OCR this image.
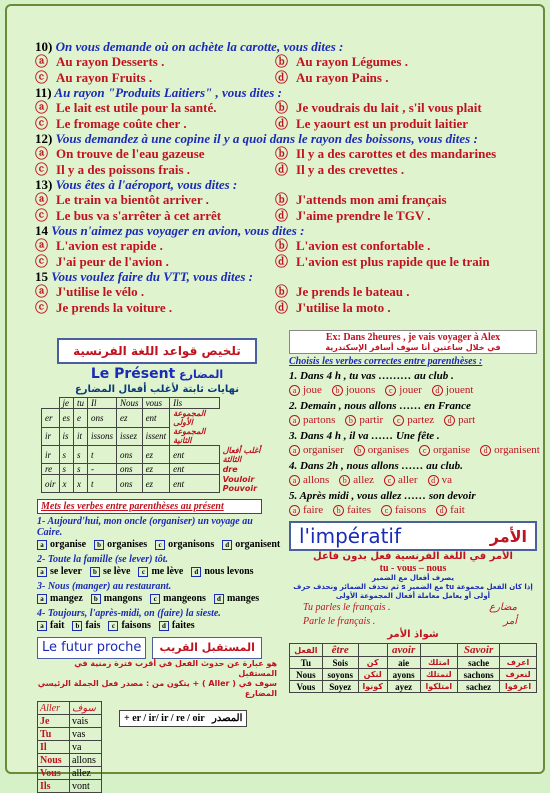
10) On vous demande où on achète la carotte, vous dites :
ⓐ Au rayon Desserts .	ⓑ Au rayon Légumes .
ⓒ Au rayon Fruits .	ⓓ Au rayon Pains .
11) Au rayon "Produits Laitiers" , vous dites :
ⓐ Le lait est utile pour la santé.	ⓑ Je voudrais du lait , s'il vous plait
ⓒ Le fromage coûte cher .	ⓓ Le yaourt est un produit laitier
12) Vous demandez à une copine il y a quoi dans le rayon des boissons, vous dites :
ⓐ On trouve de l'eau gazeuse	ⓑ Il y a des carottes et des mandarines
ⓒ Il y a des poissons frais .	ⓓ Il y a des crevettes .
13) Vous êtes à l'aéroport, vous dites :
ⓐ Le train va bientôt arriver .	ⓑ J'attends mon ami français
ⓒ Le bus va s'arrêter à cet arrêt	ⓓ J'aime prendre le TGV .
14 Vous n'aimez pas voyager en avion, vous dites :
ⓐ L'avion est rapide .	ⓑ L'avion est confortable .
ⓒ J'ai peur de l'avion .	ⓓ L'avion est plus rapide que le train
15 Vous voulez faire du VTT, vous dites :
ⓐ J'utilise le vélo .	ⓑ Je prends le bateau .
ⓒ Je prends la voiture .	ⓓ J'utilise la moto .
تلخيص قواعد اللغة الفرنسية
Le Présent المضارع
نهايات ثابتة لأغلب أفعال المضارع
	je	tu	Il	Nous	vous	Ils	
er	es	e	ons	ez	ent	المجموعة الأولى	
ir	is	it	issons	issez	issent	المجموعة الثانية	
ir	s	s	t	ons	ez	ent	أغلب أفعال الثالثة
re	s	s	-	ons	ez	ent	dre
oir	x	x	t	ons	ez	ent	Vouloir Pouvoir
Mets les verbes entre parenthèses au présent
1- Aujourd'hui, mon oncle (organiser) un voyage au Caire.
a organise	b organises	c organisons	d organisent
2- Toute la famille (se lever) tôt.
a se lever	b se lève	c me lève	d nous levons
3- Nous (manger) au restaurant.
a mangez	b mangons	c mangeons	d manges
4- Toujours, l'après-midi, on (faire) la sieste.
a fait	b fais	c faisons	d faites
Le futur proche	المستقبل القريب
هو عبارة عن حدوث الفعل في أقرب فترة زمنية في المستقبل
يتكون من : مصدر فعل الجملة الرئيسي + ( Aller ) سوف في المضارع
Aller	سوف
Je	vais
Tu	vas
Il	va
Nous	allons
Vous	allez
Ils	vont
+ er / ir/ ir / re / oir المصدر
Ex: Dans 2heures , je vais voyager à Alex
في خلال ساعتين أنا سوف أسافر الإسكندرية
Choisis les verbes correctes entre parenthèses :
1. Dans 4 h , tu vas ……… au club .
a joue	b jouons	c jouer	d jouent
2. Demain , nous allons …… en France
a partons	b partir	c partez	d part
3. Dans 4 h , il va …… Une fête .
a organiser	b organises	c organise	d organisent
4. Dans 2h , nous allons …… au club.
a allons	b allez	c aller	d va
5. Après midi , vous allez …… son devoir
a faire	b faites	c faisons	d fait
l'impératif	الأمر
الأمر في اللغة الفرنسية فعل بدون فاعل
tu - vous – nous
يصرف أفعال مع الضمير
ثم نحذف الضمائر ونحذف حرف s مع الضمير tu إذا كان الفعل مجموعة
أولى أو يعامل معاملة أفعال المجموعة الأولى
Tu parles le français .	مضارع
Parle le français .	أمر
شواذ الأمر
الفعل	être		avoir		Savoir	
Tu	Sois	كن	aie	امتلك	sache	اعرف
Nous	soyons	لنكن	ayons	لنمتلك	sachons	لنعرف
Vous	Soyez	كونوا	ayez	امتلكوا	sachez	اعرفوا
